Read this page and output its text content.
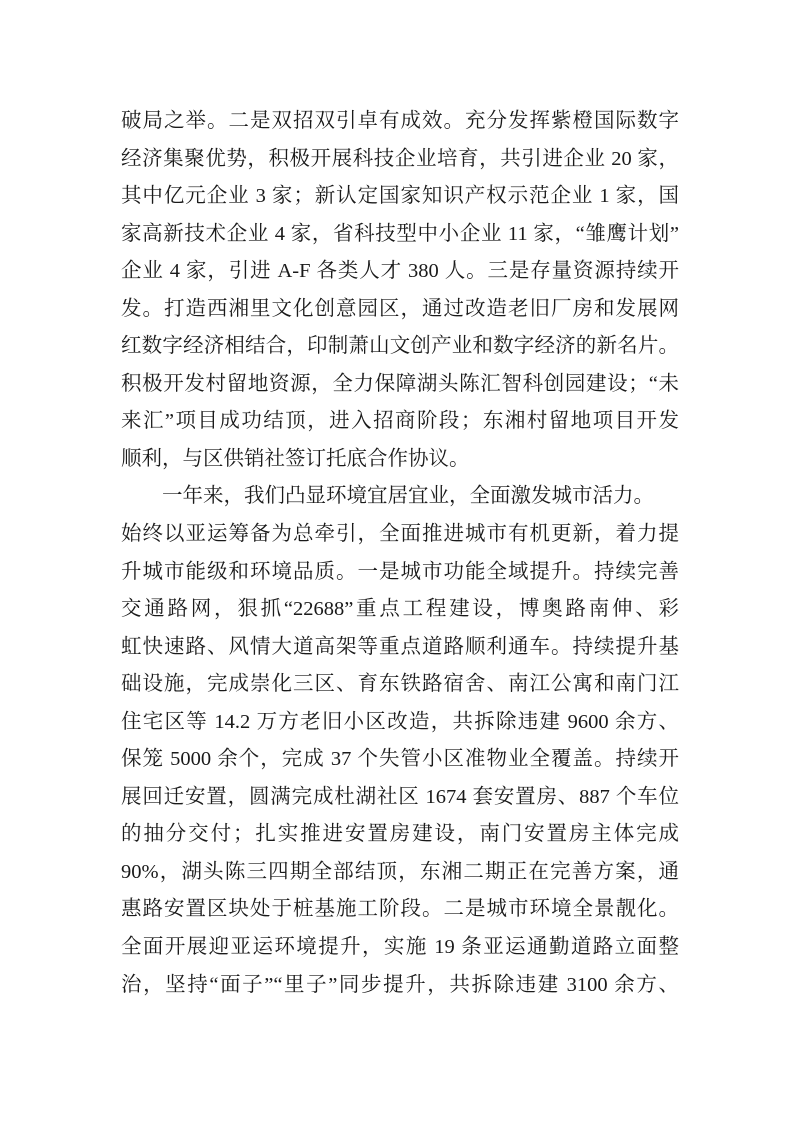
破局之举。二是双招双引卓有成效。充分发挥紫橙国际数字
经济集聚优势，积极开展科技企业培育，共引进企业 20 家，
其中亿元企业 3 家；新认定国家知识产权示范企业 1 家，国
家高新技术企业 4 家，省科技型中小企业 11 家，“雏鹰计划”
企业 4 家，引进 A-F 各类人才 380 人。三是存量资源持续开
发。打造西湘里文化创意园区，通过改造老旧厂房和发展网
红数字经济相结合，印制萧山文创产业和数字经济的新名片。
积极开发村留地资源，全力保障湖头陈汇智科创园建设；“未
来汇”项目成功结顶，进入招商阶段；东湘村留地项目开发
顺利，与区供销社签订托底合作协议。
一年来，我们凸显环境宜居宜业，全面激发城市活力。
始终以亚运筹备为总牵引，全面推进城市有机更新，着力提
升城市能级和环境品质。一是城市功能全域提升。持续完善
交通路网，狠抓“22688”重点工程建设，博奥路南伸、彩
虹快速路、风情大道高架等重点道路顺利通车。持续提升基
础设施，完成崇化三区、育东铁路宿舍、南江公寓和南门江
住宅区等 14.2 万方老旧小区改造，共拆除违建 9600 余方、
保笼 5000 余个，完成 37 个失管小区准物业全覆盖。持续开
展回迁安置，圆满完成杜湖社区 1674 套安置房、887 个车位
的抽分交付；扎实推进安置房建设，南门安置房主体完成
90%，湖头陈三四期全部结顶，东湘二期正在完善方案，通
惠路安置区块处于桩基施工阶段。二是城市环境全景靓化。
全面开展迎亚运环境提升，实施 19 条亚运通勤道路立面整
治，坚持“面子”“里子”同步提升，共拆除违建 3100 余方、
